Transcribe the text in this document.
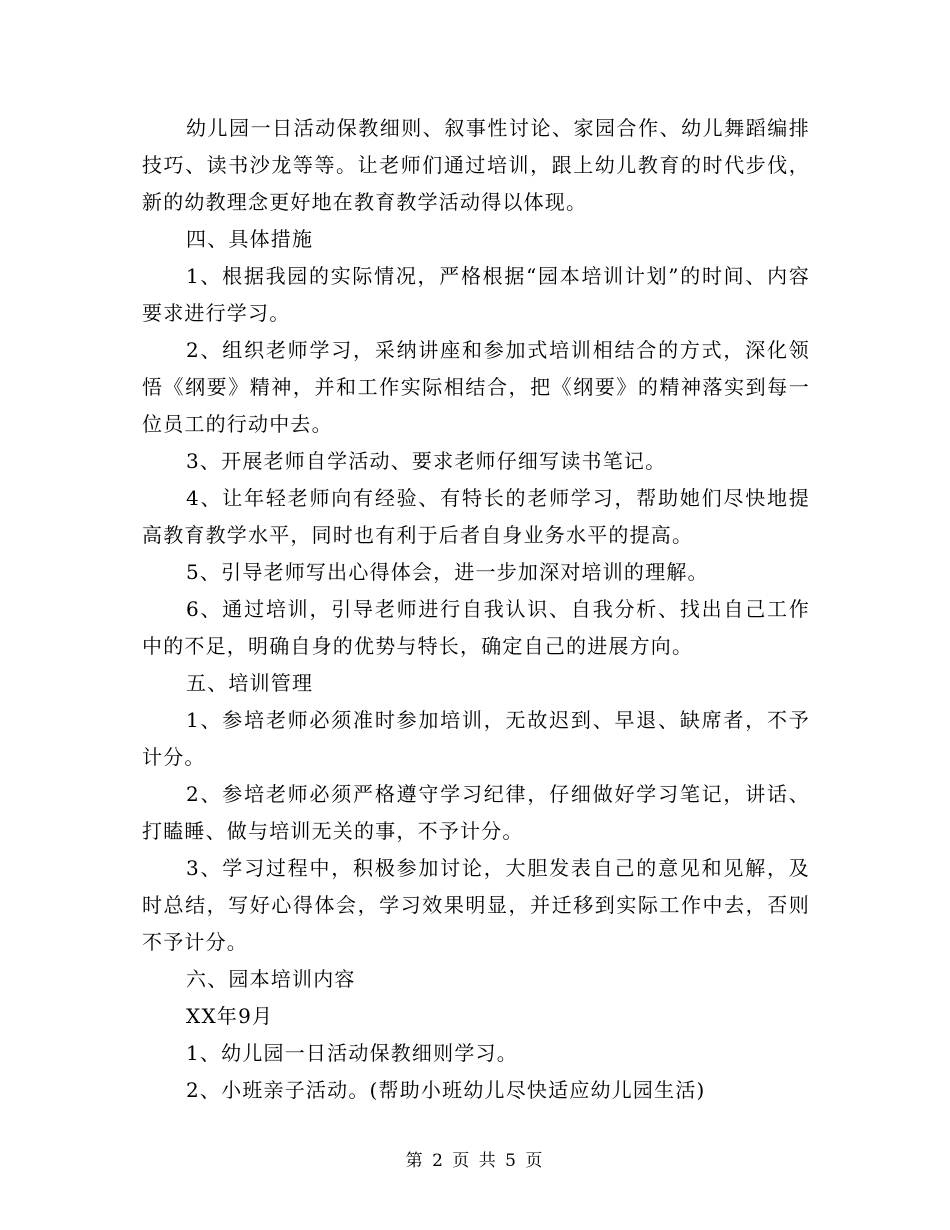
幼儿园一日活动保教细则、叙事性讨论、家园合作、幼儿舞蹈编排技巧、读书沙龙等等。让老师们通过培训，跟上幼儿教育的时代步伐，新的幼教理念更好地在教育教学活动得以体现。

四、具体措施

1、根据我园的实际情况，严格根据“园本培训计划”的时间、内容要求进行学习。

2、组织老师学习，采纳讲座和参加式培训相结合的方式，深化领悟《纲要》精神，并和工作实际相结合，把《纲要》的精神落实到每一位员工的行动中去。

3、开展老师自学活动、要求老师仔细写读书笔记。

4、让年轻老师向有经验、有特长的老师学习，帮助她们尽快地提高教育教学水平，同时也有利于后者自身业务水平的提高。

5、引导老师写出心得体会，进一步加深对培训的理解。

6、通过培训，引导老师进行自我认识、自我分析、找出自己工作中的不足，明确自身的优势与特长，确定自己的进展方向。

五、培训管理

1、参培老师必须准时参加培训，无故迟到、早退、缺席者，不予计分。

2、参培老师必须严格遵守学习纪律，仔细做好学习笔记，讲话、打瞌睡、做与培训无关的事，不予计分。

3、学习过程中，积极参加讨论，大胆发表自己的意见和见解，及时总结，写好心得体会，学习效果明显，并迁移到实际工作中去，否则不予计分。

六、园本培训内容

XX年9月

1、幼儿园一日活动保教细则学习。

2、小班亲子活动。(帮助小班幼儿尽快适应幼儿园生活)

第 2 页 共 5 页
